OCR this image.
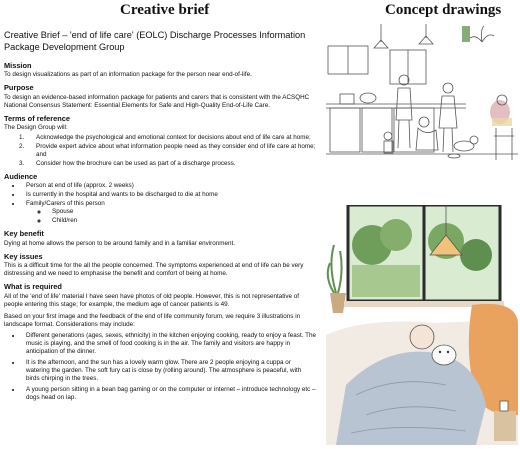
Creative brief	Concept drawings
Creative Brief – 'end of life care' (EOLC) Discharge Processes Information Package Development Group
Mission
To design visualizations as part of an information package for the person near end-of-life.
Purpose
To design an evidence-based information package for patients and carers that is consistent with the ACSQHC National Consensus Statement: Essential Elements for Safe and High-Quality End-of-Life Care.
Terms of reference
The Design Group will:
1. Acknowledge the psychological and emotional context for decisions about end of life care at home;
2. Provide expert advice about what information people need as they consider end of life care at home; and
3. Consider how the brochure can be used as part of a discharge process.
Audience
• Person at end of life (approx. 2 weeks)
• Is currently in the hospital and wants to be discharged to die at home
• Family/Carers of this person
◦ Spouse
◦ Child/ren
Key benefit
Dying at home allows the person to be around family and in a familiar environment.
Key issues
This is a difficult time for the all the people concerned. The symptoms experienced at end of life can be very distressing and we need to emphasise the benefit and comfort of being at home.
What is required
All of the 'end of life' material I have seen have photos of old people. However, this is not representative of people entering this stage; for example, the medium age of cancer patients is 49.
Based on your first image and the feedback of the end of life community forum, we require 3 illustrations in landscape format. Considerations may include:
• Different generations (ages, sexes, ethnicity) in the kitchen enjoying cooking, ready to enjoy a feast. The music is playing, and the smell of food cooking is in the air. The family and visitors are happy in anticipation of the dinner.
• It is the afternoon, and the sun has a lovely warm glow. There are 2 people enjoying a cuppa or watering the garden. The soft fury cat is close by (rolling around). The atmosphere is peaceful, with birds chirping in the trees.
• A young person sitting in a bean bag gaming or on the computer or internet – introduce technology etc – dogs head on lap.
